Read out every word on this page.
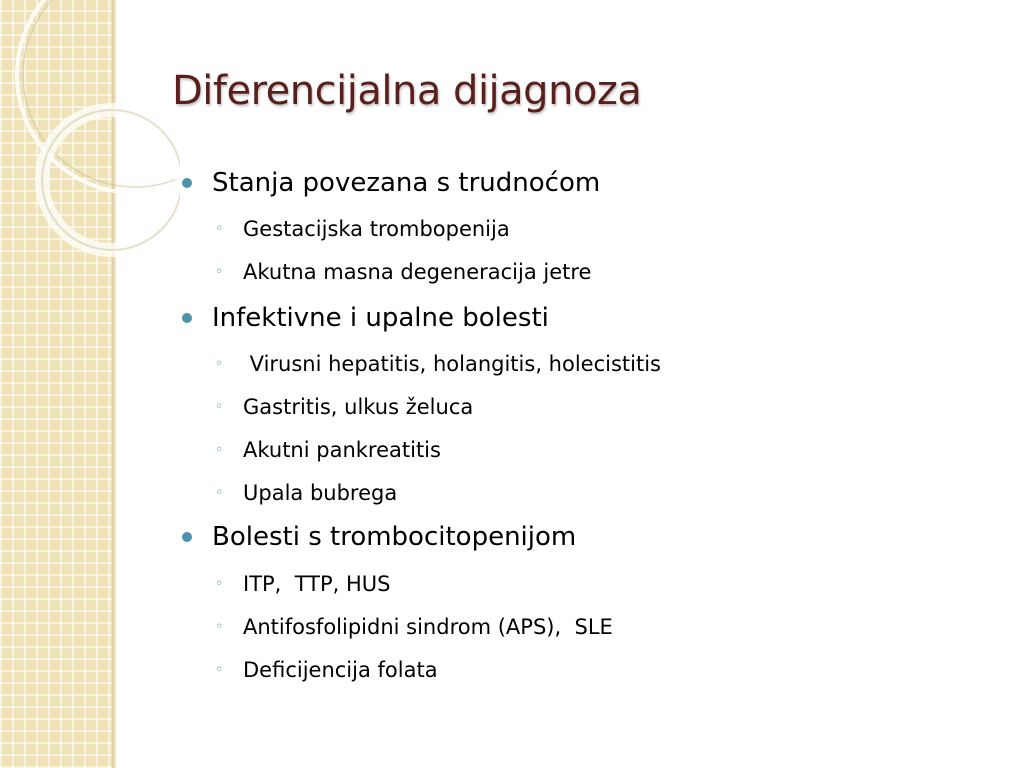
Diferencijalna dijagnoza
Stanja povezana s trudnoćom
◦ Gestacijska trombopenija
◦ Akutna masna degeneracija jetre
Infektivne i upalne bolesti
◦ Virusni hepatitis, holangitis, holecistitis
◦ Gastritis, ulkus želuca
◦ Akutni pankreatitis
◦ Upala bubrega
Bolesti s trombocitopenijom
◦ ITP,  TTP, HUS
◦ Antifosfolipidni sindrom (APS),  SLE
◦ Deficijencija folata
